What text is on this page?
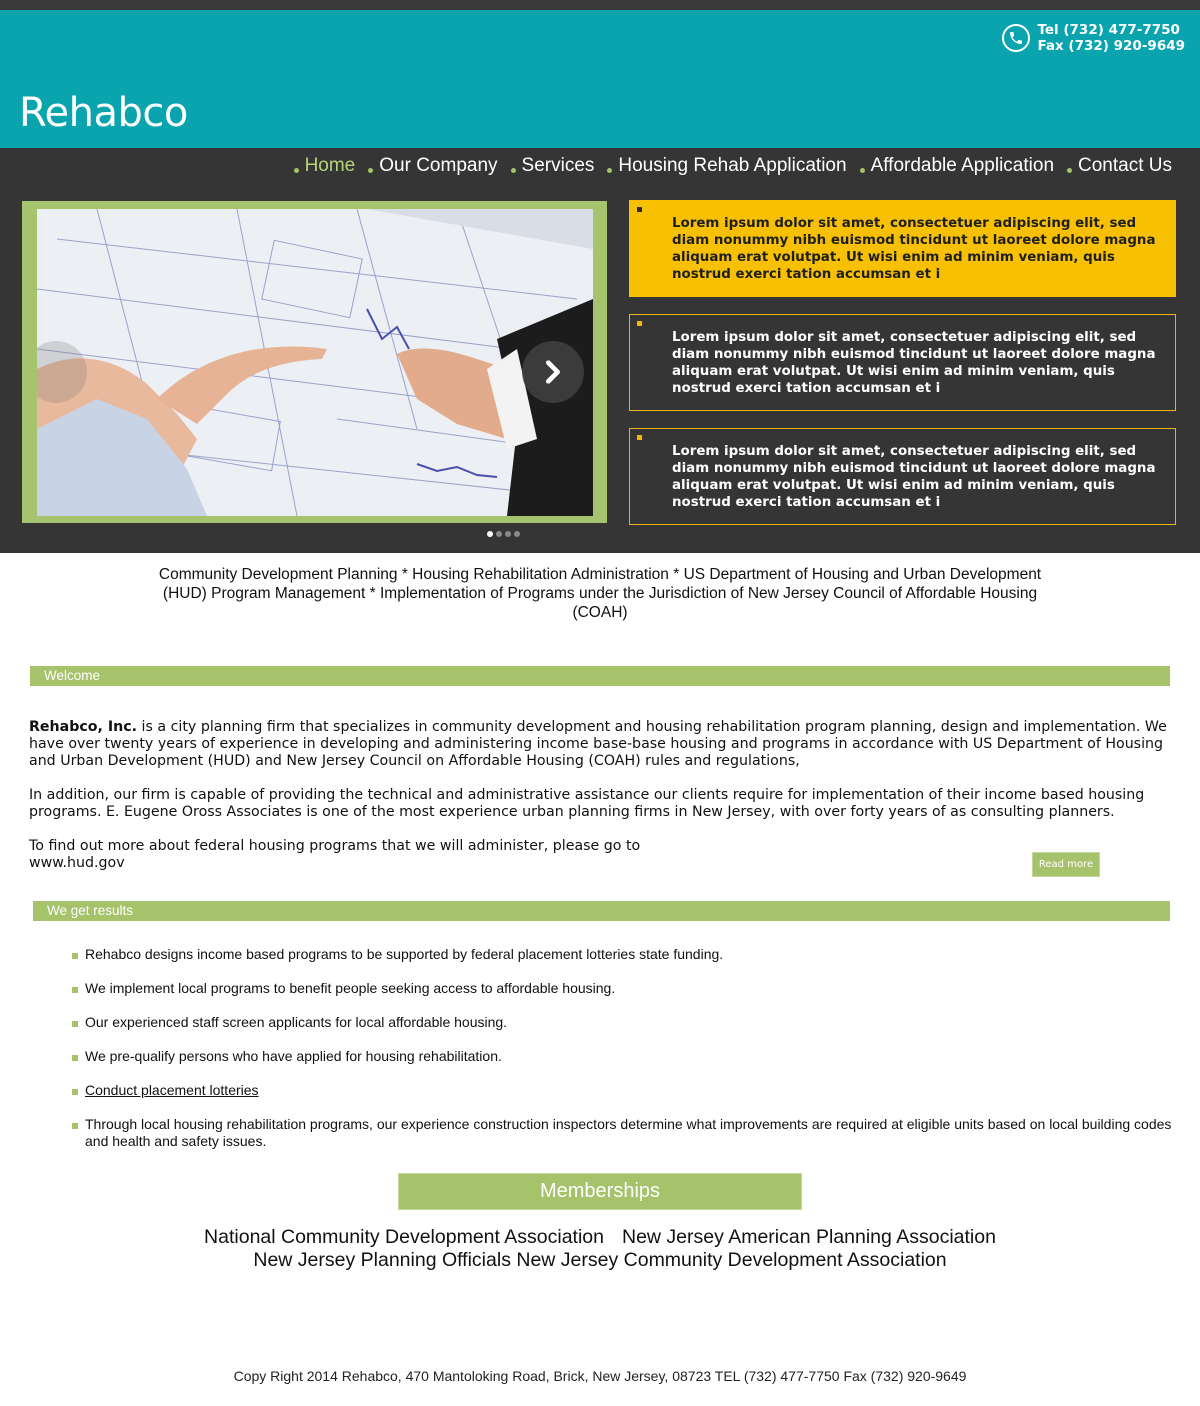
Rehabco
Tel (732) 477-7750
Fax (732) 920-9649
Home Our Company Services Housing Rehab Application Affordable Application Contact Us
Lorem ipsum dolor sit amet, consectetuer adipiscing elit, sed diam nonummy nibh euismod tincidunt ut laoreet dolore magna aliquam erat volutpat. Ut wisi enim ad minim veniam, quis nostrud exerci tation accumsan et i
Lorem ipsum dolor sit amet, consectetuer adipiscing elit, sed diam nonummy nibh euismod tincidunt ut laoreet dolore magna aliquam erat volutpat. Ut wisi enim ad minim veniam, quis nostrud exerci tation accumsan et i
Lorem ipsum dolor sit amet, consectetuer adipiscing elit, sed diam nonummy nibh euismod tincidunt ut laoreet dolore magna aliquam erat volutpat. Ut wisi enim ad minim veniam, quis nostrud exerci tation accumsan et i
Community Development Planning * Housing Rehabilitation Administration * US Department of Housing and Urban Development (HUD) Program Management * Implementation of Programs under the Jurisdiction of New Jersey Council of Affordable Housing (COAH)
Welcome

Rehabco, Inc. is a city planning firm that specializes in community development and housing rehabilitation program planning, design and implementation. We have over twenty years of experience in developing and administering income base-base housing and programs in accordance with US Department of Housing and Urban Development (HUD) and New Jersey Council on Affordable Housing (COAH) rules and regulations,

In addition, our firm is capable of providing the technical and administrative assistance our clients require for implementation of their income based housing programs. E. Eugene Oross Associates is one of the most experience urban planning firms in New Jersey, with over forty years of as consulting planners.

To find out more about federal housing programs that we will administer, please go to
www.hud.gov	Read more
We get results
Rehabco designs income based programs to be supported by federal placement lotteries state funding.
We implement local programs to benefit people seeking access to affordable housing.
Our experienced staff screen applicants for local affordable housing.
We pre-qualify persons who have applied for housing rehabilitation.
Conduct placement lotteries
Through local housing rehabilitation programs, our experience construction inspectors determine what improvements are required at eligible units based on local building codes and health and safety issues.
Memberships
National Community Development Association New Jersey American Planning Association
New Jersey Planning Officials New Jersey Community Development Association
Copy Right 2014 Rehabco, 470 Mantoloking Road, Brick, New Jersey, 08723 TEL (732) 477-7750 Fax (732) 920-9649
